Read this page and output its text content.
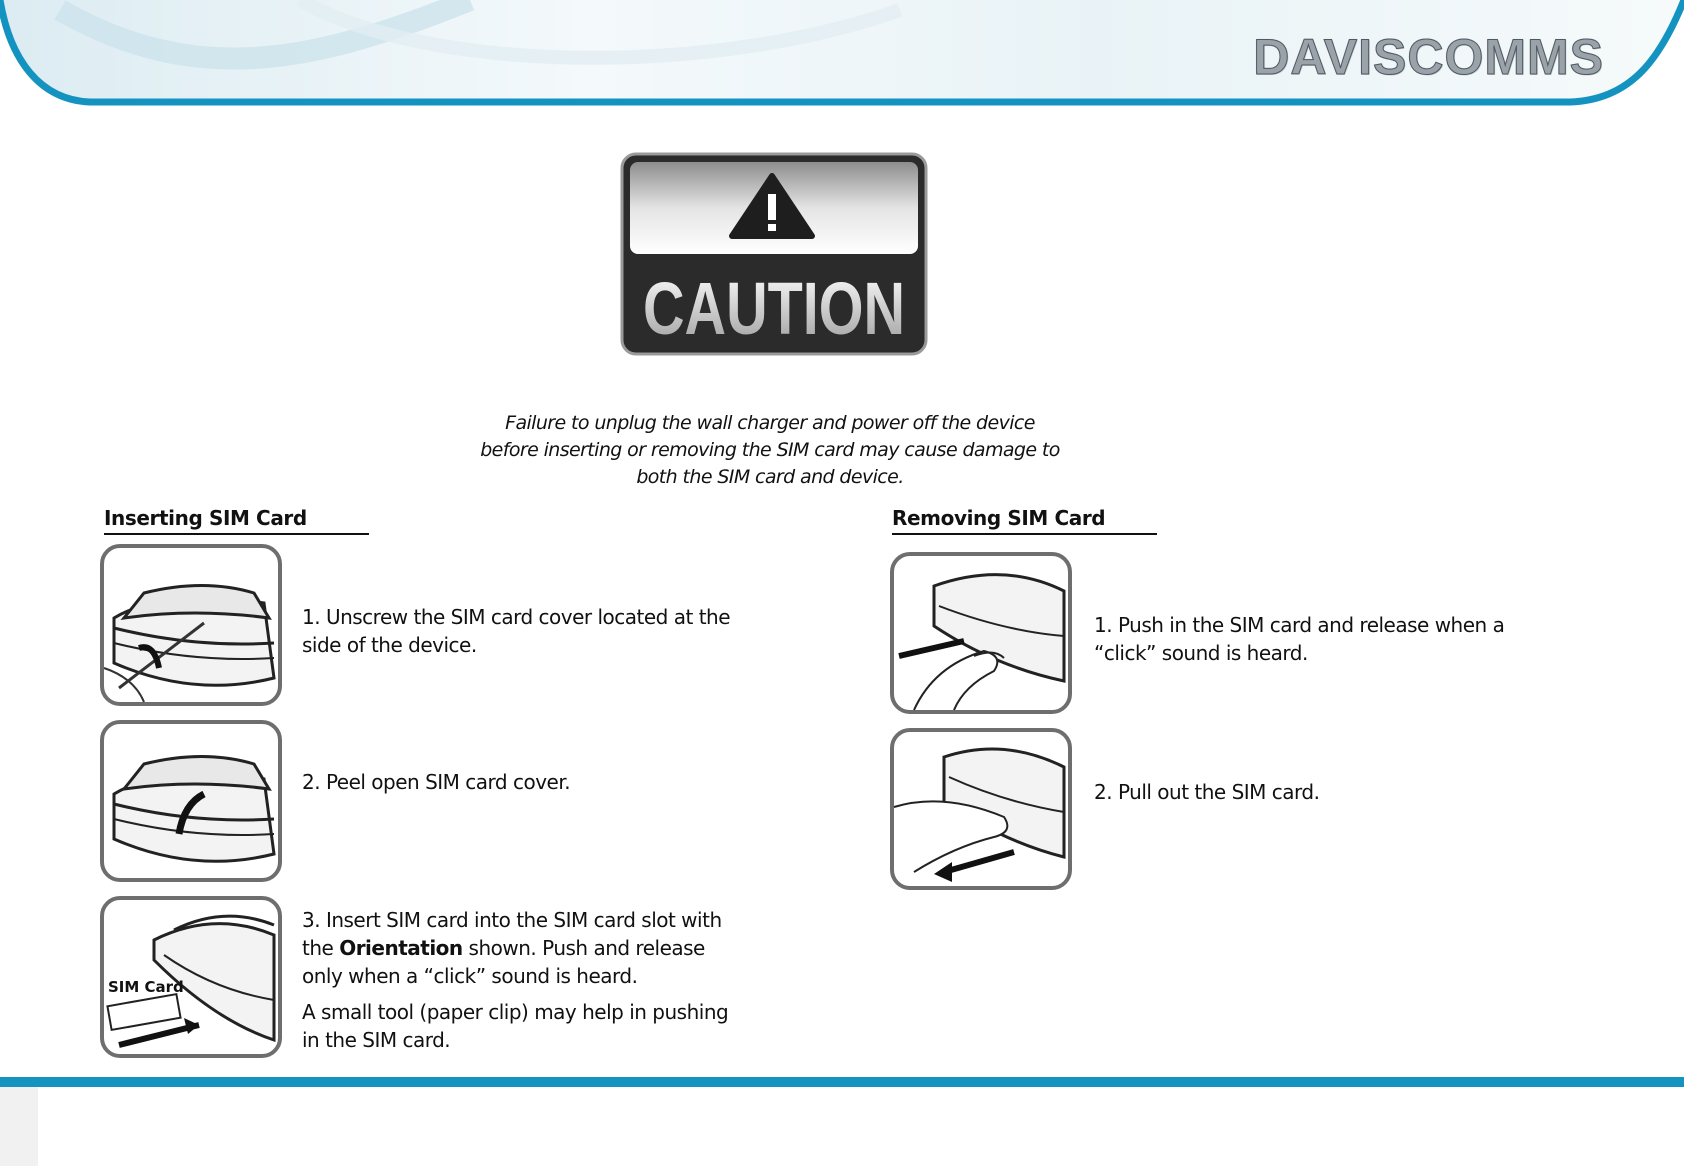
DAVISCOMMS
CAUTION
Failure to unplug the wall charger and power off the device
before inserting or removing the SIM card may cause damage to
both the SIM card and device.
Inserting SIM Card
1. Unscrew the SIM card cover located at the side of the device.
2. Peel open SIM card cover.
SIM Card

3. Insert SIM card into the SIM card slot with the Orientation shown. Push and release only when a “click” sound is heard.

A small tool (paper clip) may help in pushing in the SIM card.

Removing SIM Card
1. Push in the SIM card and release when a “click” sound is heard.
2. Pull out the SIM card.
